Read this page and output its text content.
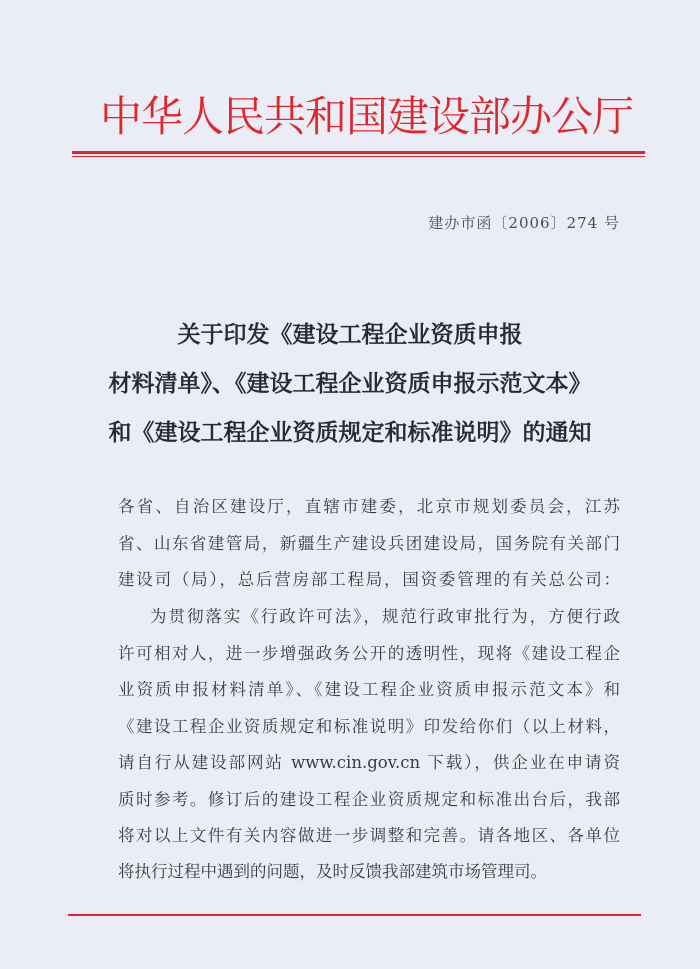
中华人民共和国建设部办公厅
建办市函〔2006〕274 号
关于印发《建设工程企业资质申报
材料清单》、《建设工程企业资质申报示范文本》
和《建设工程企业资质规定和标准说明》的通知
各省、自治区建设厅，直辖市建委，北京市规划委员会，江苏
省、山东省建管局，新疆生产建设兵团建设局，国务院有关部门
建设司（局），总后营房部工程局，国资委管理的有关总公司：
为贯彻落实《行政许可法》，规范行政审批行为，方便行政
许可相对人，进一步增强政务公开的透明性，现将《建设工程企
业资质申报材料清单》、《建设工程企业资质申报示范文本》和
《建设工程企业资质规定和标准说明》印发给你们（以上材料，
请自行从建设部网站 www.cin.gov.cn 下载），供企业在申请资
质时参考。修订后的建设工程企业资质规定和标准出台后，我部
将对以上文件有关内容做进一步调整和完善。请各地区、各单位
将执行过程中遇到的问题，及时反馈我部建筑市场管理司。
